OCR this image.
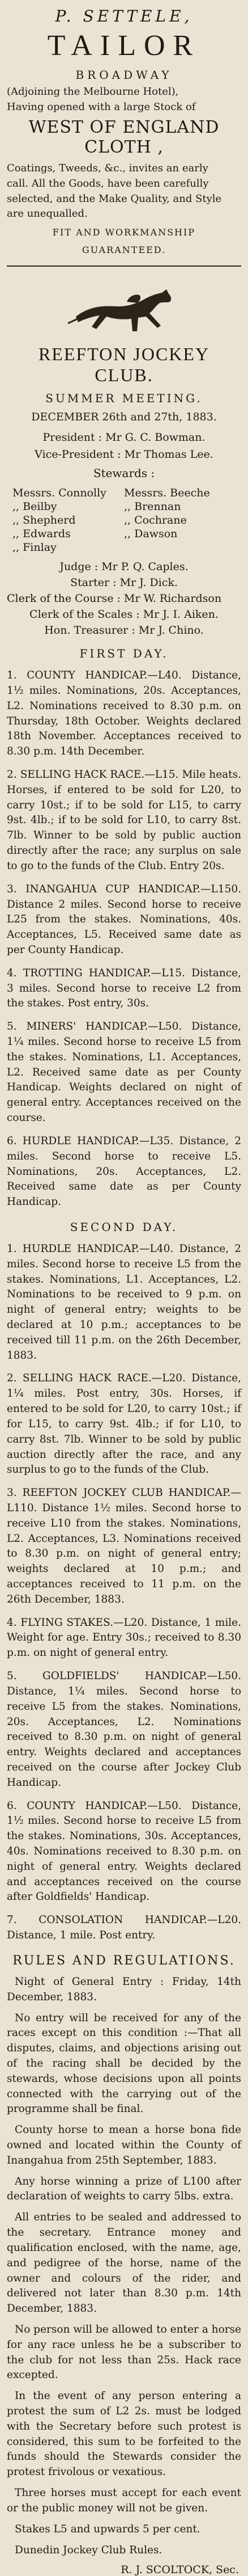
P. SETTELE,
TAILOR
BROADWAY
(Adjoining the Melbourne Hotel),
Having opened with a large Stock of
WEST OF ENGLAND CLOTH ,
Coatings, Tweeds, &c., invites an early
call. All the Goods, have been carefully
selected, and the Make Quality, and Style
are unequalled.
FIT AND WORKMANSHIP
GUARANTEED.
REEFTON JOCKEY CLUB.
SUMMER MEETING.
DECEMBER 26th and 27th, 1883.
President : Mr G. C. Bowman.
Vice-President : Mr Thomas Lee.
Stewards :
Messrs. Connolly
,, Beilby
,, Shepherd
,, Edwards
,, Finlay
Messrs. Beeche
,, Brennan
,, Cochrane
,, Dawson
Judge : Mr P. Q. Caples.
Starter : Mr J. Dick.
Clerk of the Course : Mr W. Richardson
Clerk of the Scales : Mr J. I. Aiken.
Hon. Treasurer : Mr J. Chino.
FIRST DAY.

1. COUNTY HANDICAP.—L40. Distance, 1½ miles. Nominations, 20s. Acceptances, L2. Nominations received to 8.30 p.m. on Thursday, 18th October. Weights declared 18th November. Acceptances received to 8.30 p.m. 14th December.

2. SELLING HACK RACE.—L15. Mile heats. Horses, if entered to be sold for L20, to carry 10st.; if to be sold for L15, to carry 9st. 4lb.; if to be sold for L10, to carry 8st. 7lb. Winner to be sold by public auction directly after the race; any surplus on sale to go to the funds of the Club. Entry 20s.

3. INANGAHUA CUP HANDICAP.—L150. Distance 2 miles. Second horse to receive L25 from the stakes. Nominations, 40s. Acceptances, L5. Received same date as per County Handicap.

4. TROTTING HANDICAP.—L15. Distance, 3 miles. Second horse to receive L2 from the stakes. Post entry, 30s.

5. MINERS' HANDICAP.—L50. Distance, 1¼ miles. Second horse to receive L5 from the stakes. Nominations, L1. Acceptances, L2. Received same date as per County Handicap. Weights declared on night of general entry. Acceptances received on the course.

6. HURDLE HANDICAP.—L35. Distance, 2 miles. Second horse to receive L5. Nominations, 20s. Acceptances, L2. Received same date as per County Handicap.

SECOND DAY.

1. HURDLE HANDICAP.—L40. Distance, 2 miles. Second horse to receive L5 from the stakes. Nominations, L1. Acceptances, L2. Nominations to be received to 9 p.m. on night of general entry; weights to be declared at 10 p.m.; acceptances to be received till 11 p.m. on the 26th December, 1883.

2. SELLING HACK RACE.—L20. Distance, 1¼ miles. Post entry, 30s. Horses, if entered to be sold for L20, to carry 10st.; if for L15, to carry 9st. 4lb.; if for L10, to carry 8st. 7lb. Winner to be sold by public auction directly after the race, and any surplus to go to the funds of the Club.

3. REEFTON JOCKEY CLUB HANDICAP.—L110. Distance 1½ miles. Second horse to receive L10 from the stakes. Nominations, L2. Acceptances, L3. Nominations received to 8.30 p.m. on night of general entry; weights declared at 10 p.m.; and acceptances received to 11 p.m. on the 26th December, 1883.

4. FLYING STAKES.—L20. Distance, 1 mile. Weight for age. Entry 30s.; received to 8.30 p.m. on night of general entry.

5. GOLDFIELDS' HANDICAP.—L50. Distance, 1¼ miles. Second horse to receive L5 from the stakes. Nominations, 20s. Acceptances, L2. Nominations received to 8.30 p.m. on night of general entry. Weights declared and acceptances received on the course after Jockey Club Handicap.

6. COUNTY HANDICAP.—L50. Distance, 1½ miles. Second horse to receive L5 from the stakes. Nominations, 30s. Acceptances, 40s. Nominations received to 8.30 p.m. on night of general entry. Weights declared and acceptances received on the course after Goldfields' Handicap.

7. CONSOLATION HANDICAP.—L20. Distance, 1 mile. Post entry.

RULES AND REGULATIONS.

Night of General Entry : Friday, 14th December, 1883.

No entry will be received for any of the races except on this condition :—That all disputes, claims, and objections arising out of the racing shall be decided by the stewards, whose decisions upon all points connected with the carrying out of the programme shall be final.

County horse to mean a horse bona fide owned and located within the County of Inangahua from 25th September, 1883.

Any horse winning a prize of L100 after declaration of weights to carry 5lbs. extra.

All entries to be sealed and addressed to the secretary. Entrance money and qualification enclosed, with the name, age, and pedigree of the horse, name of the owner and colours of the rider, and delivered not later than 8.30 p.m. 14th December, 1883.

No person will be allowed to enter a horse for any race unless he be a subscriber to the club for not less than 25s. Hack race excepted.

In the event of any person entering a protest the sum of L2 2s. must be lodged with the Secretary before such protest is considered, this sum to be forfeited to the funds should the Stewards consider the protest frivolous or vexatious.

Three horses must accept for each event or the public money will not be given.

Stakes L5 and upwards 5 per cent.

Dunedin Jockey Club Rules.

R. J. SCOLTOCK, Sec.
